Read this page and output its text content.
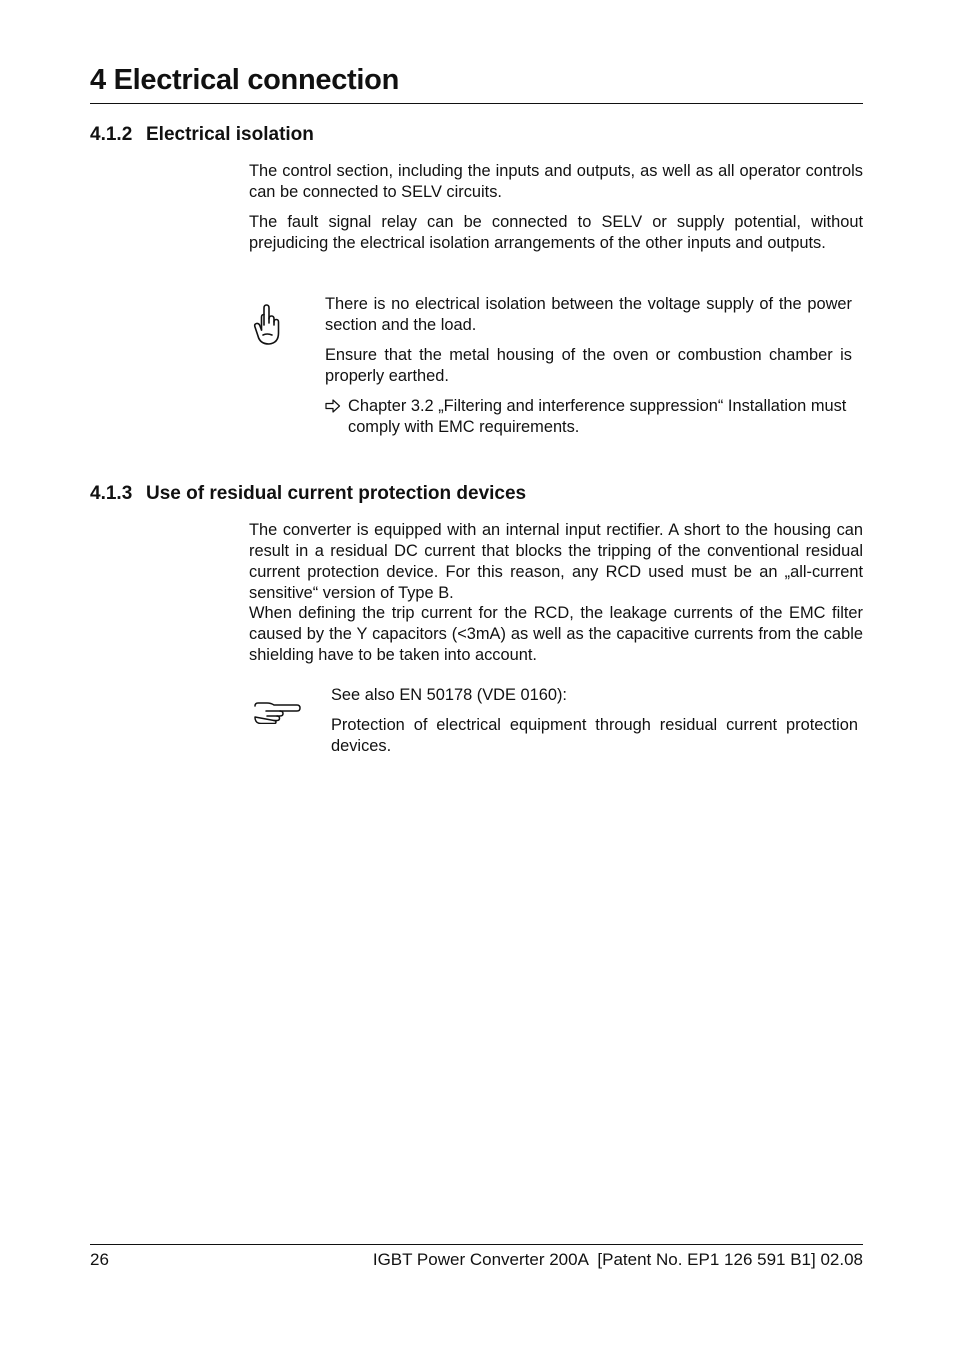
4 Electrical connection
4.1.2 Electrical isolation

The control section, including the inputs and outputs, as well as all operator controls can be connected to SELV circuits.

The fault signal relay can be connected to SELV or supply potential, without prejudicing the electrical isolation arrangements of the other inputs and outputs.

There is no electrical isolation between the voltage supply of the power section and the load.

Ensure that the metal housing of the oven or combustion chamber is properly earthed.

Chapter 3.2 „Filtering and interference suppression“ Installation must comply with EMC requirements.
4.1.3 Use of residual current protection devices

The converter is equipped with an internal input rectifier. A short to the housing can result in a residual DC current that blocks the tripping of the conventional residual current protection device. For this reason, any RCD used must be an „all-current sensitive“ version of Type B.

When defining the trip current for the RCD, the leakage currents of the EMC filter caused by the Y capacitors (<3mA) as well as the capacitive currents from the cable shielding have to be taken into account.

See also EN 50178 (VDE 0160):

Protection of electrical equipment through residual current protection devices.

26	IGBT Power Converter 200A  [Patent No. EP1 126 591 B1] 02.08
